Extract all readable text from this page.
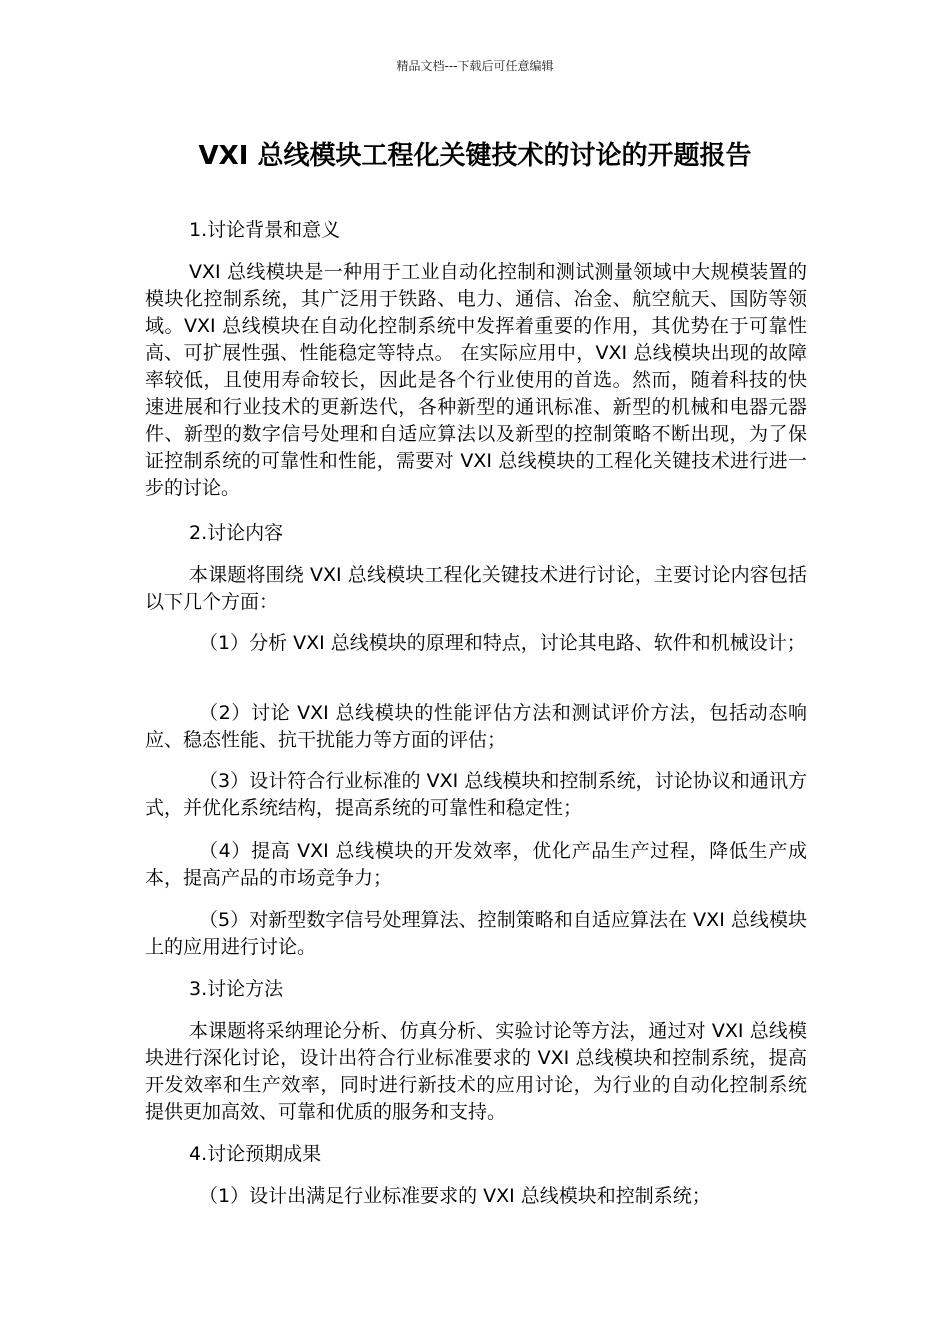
精品文档---下载后可任意编辑
VXI 总线模块工程化关键技术的讨论的开题报告
1.讨论背景和意义
VXI 总线模块是一种用于工业自动化控制和测试测量领域中大规模装置的模块化控制系统，其广泛用于铁路、电力、通信、冶金、航空航天、国防等领域。VXI 总线模块在自动化控制系统中发挥着重要的作用，其优势在于可靠性高、可扩展性强、性能稳定等特点。 在实际应用中，VXI 总线模块出现的故障率较低，且使用寿命较长，因此是各个行业使用的首选。然而，随着科技的快速进展和行业技术的更新迭代，各种新型的通讯标准、新型的机械和电器元器件、新型的数字信号处理和自适应算法以及新型的控制策略不断出现，为了保证控制系统的可靠性和性能，需要对 VXI 总线模块的工程化关键技术进行进一步的讨论。
2.讨论内容
本课题将围绕 VXI 总线模块工程化关键技术进行讨论，主要讨论内容包括以下几个方面：
（1）分析 VXI 总线模块的原理和特点，讨论其电路、软件和机械设计；
（2）讨论 VXI 总线模块的性能评估方法和测试评价方法，包括动态响应、稳态性能、抗干扰能力等方面的评估；
（3）设计符合行业标准的 VXI 总线模块和控制系统，讨论协议和通讯方式，并优化系统结构，提高系统的可靠性和稳定性；
（4）提高 VXI 总线模块的开发效率，优化产品生产过程，降低生产成本，提高产品的市场竞争力；
（5）对新型数字信号处理算法、控制策略和自适应算法在 VXI 总线模块上的应用进行讨论。
3.讨论方法
本课题将采纳理论分析、仿真分析、实验讨论等方法，通过对 VXI 总线模块进行深化讨论，设计出符合行业标准要求的 VXI 总线模块和控制系统，提高开发效率和生产效率，同时进行新技术的应用讨论，为行业的自动化控制系统提供更加高效、可靠和优质的服务和支持。
4.讨论预期成果
（1）设计出满足行业标准要求的 VXI 总线模块和控制系统；
